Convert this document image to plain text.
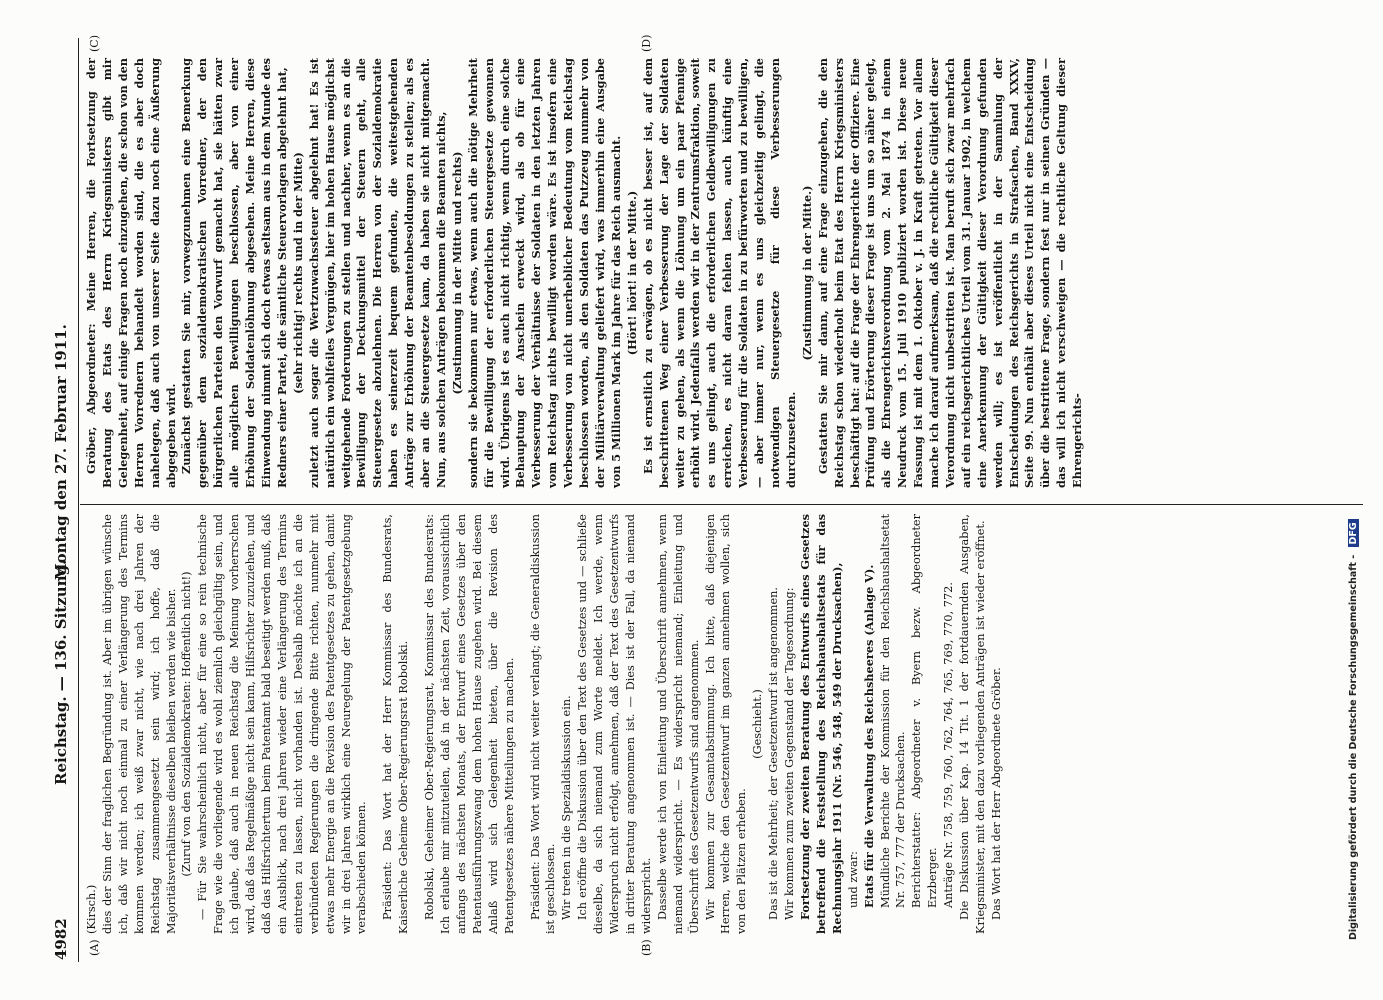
4982
Reichstag. — 136. Sitzung.
Montag den 27. Februar 1911.
(A)	(B)
(C)	(D)

(Kirsch.) dies der Sinn der fraglichen Begründung ist. Aber im übrigen wünsche ich, daß wir nicht noch einmal zu einer Verlängerung des Termins kommen werden; ich weiß zwar nicht, wie nach drei Jahren der Reichstag zusammengesetzt sein wird; ich hoffe, daß die Majoritätsverhältnisse dieselben bleiben werden wie bisher. (Zuruf von den Sozialdemokraten: Hoffentlich nicht!) — Für Sie wahrscheinlich nicht, aber für eine so rein technische Frage wie die vorliegende wird es wohl ziemlich gleichgültig sein, und ich glaube, daß auch in neuen Reichstag die Meinung vorherrschen wird, daß das Regelmäßige nicht sein kann, Hilfsrichter zuzuziehen, und daß das Hilfsrichtertum beim Patentamt bald beseitigt werden muß, daß ein Ausblick, nach drei Jahren wieder eine Verlängerung des Termins eintreten zu lassen, nicht vorhanden ist. Deshalb möchte ich an die verbündeten Regierungen die dringende Bitte richten, nunmehr mit etwas mehr Energie an die Revision des Patentgesetzes zu gehen, damit wir in drei Jahren wirklich eine Neuregelung der Patentgesetzgebung verabschieden können. Präsident: Das Wort hat der Herr Kommissar des Bundesrats, Kaiserliche Geheime Ober-Regierungsrat Robolski. Robolski, Geheimer Ober-Regierungsrat, Kommissar des Bundesrats: Ich erlaube mir mitzuteilen, daß in der nächsten Zeit, voraussichtlich anfangs des nächsten Monats, der Entwurf eines Gesetzes über den Patentausführungszwang dem hohen Hause zugehen wird. Bei diesem Anlaß wird sich Gelegenheit bieten, über die Revision des Patentgesetzes nähere Mitteilungen zu machen. Präsident: Das Wort wird nicht weiter verlangt; die Generaldiskussion ist geschlossen. Wir treten in die Spezialdiskussion ein. Ich eröffne die Diskussion über den Text des Gesetzes und — schließe dieselbe, da sich niemand zum Worte meldet. Ich werde, wenn Widerspruch nicht erfolgt, annehmen, daß der Text des Gesetzentwurfs in dritter Beratung angenommen ist. — Dies ist der Fall, da niemand widerspricht. Dasselbe werde ich von Einleitung und Überschrift annehmen, wenn niemand widerspricht. — Es widerspricht niemand; Einleitung und Überschrift des Gesetzentwurfs sind angenommen. Wir kommen zur Gesamtabstimmung. Ich bitte, daß diejenigen Herren, welche den Gesetzentwurf im ganzen annehmen wollen, sich von den Plätzen erheben.

(Geschieht.) Das ist die Mehrheit; der Gesetzentwurf ist angenommen. Wir kommen zum zweiten Gegenstand der Tagesordnung: Fortsetzung der zweiten Beratung des Entwurfs eines Gesetzes betreffend die Feststellung des Reichshaushaltsetats für das Rechnungsjahr 1911 (Nr. 546, 548, 549 der Drucksachen), und zwar: Etats für die Verwaltung des Reichsheeres (Anlage V). Mündliche Berichte der Kommission für den Reichshaushaltsetat Nr. 757, 777 der Drucksachen. Berichterstatter: Abgeordneter v. Byern bezw. Abgeordneter Erzberger. Anträge Nr. 758, 759, 760, 762, 764, 765, 769, 770, 772. Die Diskussion über Kap. 14 Tit. 1 der fortdauernden Ausgaben, Kriegsminister, mit den dazu vorliegenden Anträgen ist wieder eröffnet. Das Wort hat der Herr Abgeordnete Gröber.

Gröber, Abgeordneter: Meine Herren, die Fortsetzung der Beratung des Etats des Herrn Kriegsministers gibt mir Gelegenheit, auf einige Fragen noch einzugehen, die schon von den Herren Vorrednern behandelt worden sind, die es aber doch nahelegen, daß auch von unserer Seite dazu noch eine Äußerung abgegeben wird. Zunächst gestatten Sie mir, vorwegzunehmen eine Bemerkung gegenüber dem sozialdemokratischen Vorredner, der den bürgerlichen Parteien den Vorwurf gemacht hat, sie hätten zwar alle möglichen Bewilligungen beschlossen, aber von einer Erhöhung der Soldatenlöhnung abgesehen. Meine Herren, diese Einwendung nimmt sich doch etwas seltsam aus in dem Munde des Redners einer Partei, die sämtliche Steuervorlagen abgelehnt hat, (sehr richtig! rechts und in der Mitte) zuletzt auch sogar die Wertzuwachssteuer abgelehnt hat! Es ist natürlich ein wohlfeiles Vergnügen, hier im hohen Hause möglichst weitgehende Forderungen zu stellen und nachher, wenn es an die Bewilligung der Deckungsmittel der Steuern geht, alle Steuergesetze abzulehnen. Die Herren von der Sozialdemokratie haben es seinerzeit bequem gefunden, die weitestgehenden Anträge zur Erhöhung der Beamtenbesoldungen zu stellen; als es aber an die Steuergesetze kam, da haben sie nicht mitgemacht. Nun, aus solchen Anträgen bekommen die Beamten nichts, (Zustimmung in der Mitte und rechts) sondern sie bekommen nur etwas, wenn auch die nötige Mehrheit für die Bewilligung der erforderlichen Steuergesetze gewonnen wird. Übrigens ist es auch nicht richtig, wenn durch eine solche Behauptung der Anschein erweckt wird, als ob für eine Verbesserung der Verhältnisse der Soldaten in den letzten Jahren vom Reichstag nichts bewilligt worden wäre. Es ist insofern eine Verbesserung von nicht unerheblicher Bedeutung vom Reichstag beschlossen worden, als den Soldaten das Putzzeug nunmehr von der Militärverwaltung geliefert wird, was immerhin eine Ausgabe von 5 Millionen Mark im Jahre für das Reich ausmacht. (Hört! hört! in der Mitte.) Es ist ernstlich zu erwägen, ob es nicht besser ist, auf dem beschrittenen Weg einer Verbesserung der Lage der Soldaten weiter zu gehen, als wenn die Löhnung um ein paar Pfennige erhöht wird. Jedenfalls werden wir in der Zentrumsfraktion, soweit es uns gelingt, auch die erforderlichen Geldbewilligungen zu erreichen, es nicht daran fehlen lassen, auch künftig eine Verbesserung für die Soldaten in zu befürworten und zu bewilligen, — aber immer nur, wenn es uns gleichzeitig gelingt, die notwendigen Steuergesetze für diese Verbesserungen durchzusetzen.

(Zustimmung in der Mitte.) Gestatten Sie mir dann, auf eine Frage einzugehen, die den Reichstag schon wiederholt beim Etat des Herrn Kriegsministers beschäftigt hat: auf die Frage der Ehrengerichte der Offiziere. Eine Prüfung und Erörterung dieser Frage ist uns um so näher gelegt, als die Ehrengerichtsverordnung vom 2. Mai 1874 in einem Neudruck vom 15. Juli 1910 publiziert worden ist. Diese neue Fassung ist mit dem 1. Oktober v. J. in Kraft getreten. Vor allem mache ich darauf aufmerksam, daß die rechtliche Gültigkeit dieser Verordnung nicht unbestritten ist. Man beruft sich zwar mehrfach auf ein reichsgerichtliches Urteil vom 31. Januar 1902, in welchem eine Anerkennung der Gültigkeit dieser Verordnung gefunden werden will; es ist veröffentlicht in der Sammlung der Entscheidungen des Reichsgerichts in Strafsachen, Band XXXV, Seite 99. Nun enthält aber dieses Urteil nicht eine Entscheidung über die bestrittene Frage, sondern fest nur in seinen Gründen — das will ich nicht verschweigen — die rechtliche Geltung dieser Ehrengerichts-

Digitalisierung gefördert durch die Deutsche Forschungsgemeinschaft - DFG
